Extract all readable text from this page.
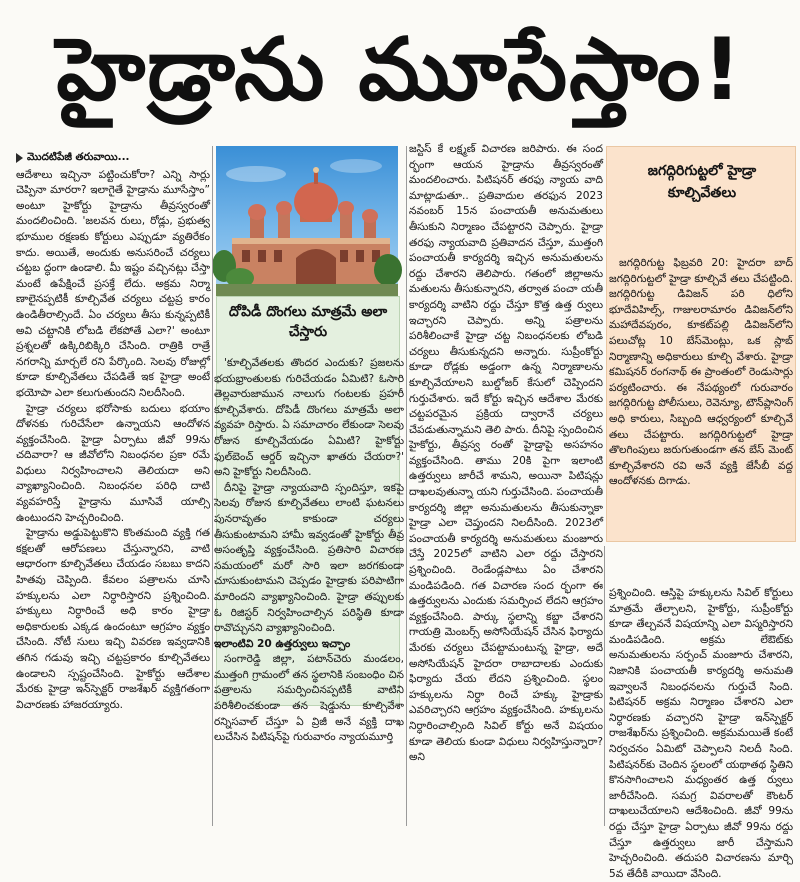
హైడ్రాను మూసేస్తాం!
మొదటిపేజీ తరువాయి...

ఆదేశాలు ఇచ్చినా పట్టించుకోరా? ఎన్ని సార్లు చెప్పినా మారరా? ఇలాగైతే హైడ్రాను మూసేస్తాం” అంటూ హైకోర్టు హైడ్రాను తీవ్రస్వరంతో మందలించింది. 'జలవన రులు, రోడ్లు, ప్రభుత్వ భూముల రక్షణకు కోర్టులు ఎప్పుడూ వ్యతిరేకం కాదు. అయితే, అందుకు అనుసరించే చర్యలు చట్టబ ద్ధంగా ఉండాలి. మీ ఇష్టం వచ్చినట్లు చేస్తా మంటే ఉపేక్షించే ప్రసక్తే లేదు. అక్రమ నిర్మా ణాలైనప్పటికీ కూల్చివేత చర్యలు చట్టప్ర కారం ఉండితీరాల్సిందే. ఏం చర్యలు తీసు కున్నప్పటికీ అవి చట్టానికి లోబడి లేకపోతే ఎలా?' అంటూ ప్రశ్నలతో ఉక్కిరిబిక్కిరి చేసింది. రాత్రికి రాత్రే నగరాన్ని మార్చలే రని పేర్కొంది. సెలవు రోజుల్లో కూడా కూల్చివేతలు చేపడితే ఇక హైడ్రా అంటే భయోపా ఎలా కలుగుతుందని నిలదీసింది.

హైడ్రా చర్యలు భరోసాకు బదులు భయాం దోళనకు గురిచేసేలా ఉన్నాయని ఆందోళన వ్యక్తంచేసింది. హైడ్రా ఏర్పాటు జీవో 99ను చదివారా? ఆ జీవోలోని నిబంధనల ప్రకా రమే విధులు నిర్వహించాలని తెలియదా అని వ్యాఖ్యానించింది. నిబంధనల పరిధి దాటి వ్యవహరిస్తే హైడ్రాను మూసివే యాల్సి ఉంటుందని హెచ్చరించింది.

హైడ్రాను అడ్డుపెట్టుకొని కొంతమంది వ్యక్తి గత కక్షలతో ఆరోపణలు చేస్తున్నారని, వాటి ఆధారంగా కూల్చివేతలు చేయడం సబబు కాదని హితవు చెప్పింది. కేవలం పత్రాలను చూసి హక్కులను ఎలా నిర్ధారిస్తారని ప్రశ్నించింది. హక్కులు నిర్ధారించే అధి కారం హైడ్రా అధికారులకు ఎక్కడ ఉందంటూ ఆగ్రహం వ్యక్తం చేసింది. నోటీ సులు ఇచ్చి వివరణ ఇవ్వడానికి తగిన గడువు ఇచ్చి చట్టప్రకారం కూల్చివేతలు ఉండాలని స్పష్టంచేసింది. హైకోర్టు ఆదేశాల మేరకు హైడ్రా ఇన్‌స్పెక్టర్ రాజశేఖర్ వ్యక్తిగతంగా విచారణకు హాజరయ్యారు.

దోపిడీ దొంగలు మాత్రమే అలా చేస్తారు

'కూల్చివేతలకు తొందర ఎందుకు? ప్రజలను భయభ్రాంతులకు గురిచేయడం ఏమిటి? ఓసారి తెల్లవారుజామున నాలుగు గంటలకు ప్రహరీ కూల్చివేశారు. దోపిడీ దొంగలు మాత్రమే అలా వ్యవహ రిస్తారు. ఏ సమాచారం లేకుండా సెలవు రోజున కూల్చివేయడం ఏమిటి? హైకోర్టు ఫుల్‌బెంచ్ ఆర్డర్ ఇచ్చినా ఖాతరు చేయరా?' అని హైకోర్టు నిలదీసింది.

దీనిపై హైడ్రా న్యాయవాది స్పందిస్తూ, ఇకపై సెలవు రోజున కూల్చివేతలు లాంటి ఘటనలు పునరావృతం కాకుండా చర్యలు తీసుకుంటామని హామీ ఇవ్వడంతో హైకోర్టు తీవ్ర అసంతృప్తి వ్యక్తంచేసింది. ప్రతిసారి విచారణ సమయంలో మరో సారి ఇలా జరగకుండా చూసుకుంటామని చెప్పడం హైడ్రాకు పరిపాటిగా మారిందని వ్యాఖ్యానించింది. హైడ్రా తప్పులకు ఓ రిజిస్టర్ నిర్వహించాల్సిన పరిస్థితి కూడా రావొచ్చునని వ్యాఖ్యానించింది.

ఇలాంటివి 20 ఉత్తర్వులు ఇచ్చాం

సంగారెడ్డి జిల్లా, పటాన్‌చెరు మండలం, ముత్తంగి గ్రామంలో తన స్థలానికి సంబంధిం చిన పత్రాలను సమర్పించినప్పటికీ వాటిని పరిశీలించకుండా తన షెడ్డును కూల్చివేశా రన్నిసవాల్ చేస్తూ ఏ వ్రిజీ అనే వ్యక్తి దాఖ లుచేసిన పిటిషన్‌పై గురువారం న్యాయమూర్తి

జస్టిస్ కే లక్ష్మణ్ విచారణ జరిపారు. ఈ సంద ర్భంగా ఆయన హైడ్రాను తీవ్రస్వరంతో మందలించారు. పిటిషనర్ తరఫు న్యాయ వాది మాట్లాడుతూ.. ప్రతివాదుల తరఫున 2023 నవంబర్ 15న పంచాయతీ అనుమతులు తీసుకుని నిర్మాణం చేపట్టారని చెప్పారు. హైడ్రా తరఫు న్యాయవాది ప్రతివాదన చేస్తూ, ముత్తంగి పంచాయతీ కార్యదర్శి ఇచ్చిన అనుమతులను రద్దు చేశారని తెలిపారు. గతంలో జిల్లాఅను మతులను తీసుకున్నారని, తర్వాత పంచా యతీ కార్యదర్శి వాటిని రద్దు చేస్తూ కొత్త ఉత్త ర్వులు ఇచ్చారని చెప్పారు. అన్ని పత్రాలను పరిశీలించాకే హైడ్రా చట్ట నిబంధనలకు లోబడి చర్యలు తీసుకున్నదని అన్నారు. సుప్రీంకోర్టు కూడా రోడ్లకు అడ్డంగా ఉన్న నిర్మాణాలను కూల్చివేయాలని బుల్డోజర్ కేసులో చెప్పిందని గుర్తుచేశారు. ఇదే కోర్టు ఇచ్చిన ఆదేశాల మేరకు చట్టపరమైన ప్రక్రియ ద్వారానే చర్యలు చేపడుతున్నామని తెలి పారు. దీనిపై స్పందించిన హైకోర్టు, తీవ్రస్వ రంతో హైడ్రాపై అసహనం వ్యక్తంచేసింది. తాము 20కి పైగా ఇలాంటి ఉత్తర్వులు జారీచే శామని, అయినా పిటిషన్లు దాఖలవుతున్నా యని గుర్తుచేసింది. పంచాయతీ కార్యదర్శి జిల్లా అనుమతులను తీసుకున్నాకా హైడ్రా ఎలా చెప్తుందని నిలదీసింది. 2023లో పంచాయతీ కార్యదర్శి అనుమతులు మంజూరు చేస్తే 2025లో వాటిని ఎలా రద్దు చేస్తారని ప్రశ్నించింది. రెండేండ్లపాటు ఏం చేశారని మండిపడింది. గత విచారణ సంద ర్భంగా ఈ ఉత్తర్వులను ఎందుకు సమర్పించ లేదని ఆగ్రహం వ్యక్తంచేసింది. పార్కు స్థలాన్ని కబ్జా చేశారని గాయత్రి మెంబర్స్ అసోసియేషన్ చేసిన ఫిర్యాదు మేరకు చర్యలు చేపట్టామంటున్న హైడ్రా, అదే అసోసియేషన్ హైదరా రాబాదాలకు ఎందుకు ఫిర్యాదు చేయ లేదని ప్రశ్నించింది. స్థలం హక్కులను నిర్ధా రించే హక్కు హైడ్రాకు ఎవరిచ్చారని ఆగ్రహం వ్యక్తంచేసింది. హక్కులను నిర్ధారించాల్సింది సివిల్ కోర్టు అనే విషయం కూడా తెలియ కుండా విధులు నిర్వహిస్తున్నారా? అని

జగద్గిరిగుట్టలో హైడ్రా కూల్చివేతలు

జగద్గిరిగుట్ట ఫిబ్రవరి 20: హైదరా బాద్ జగద్గిరిగుట్టలో హైడ్రా కూల్చివే తలు చేపట్టింది. జగద్గిరిగుట్ట డివిజన్ పరి ధిలోని భూదేవిహిల్స్, గాజులరామారం డివిజన్‌లోని మహాదేవపురం, కూకట్‌పల్లి డివిజన్‌లోని పలుచోట్ల 10 బేస్‌మెంట్లు, ఒక స్లాబ్ నిర్మాణాన్ని అధికారులు కూల్చి వేశారు. హైడ్రా కమిషనర్ రంగనాథ్ ఈ ప్రాంతంలో రెండుసార్లు పర్యటించారు. ఈ నేపథ్యంలో గురువారం జగద్గిరిగుట్ట పోలీసులు, రెవెన్యూ, టౌన్‌ప్లానింగ్ అధి కారులు, సిబ్బంది ఆధ్వర్యంలో కూల్చివే తలు చేపట్టారు. జగద్గిరిగుట్టలో హైడ్రా తొలగింపులు జరుగుతుండగా తన బేస్ మెంట్ కూల్చివేశారని రవి అనే వ్యక్తి జేసీబీ వద్ద ఆందోళనకు దిగాడు.

ప్రశ్నించింది. ఆస్తిపై హక్కులను సివిల్ కోర్టులు మాత్రమే తేల్చాలని, హైకోర్టు, సుప్రీంకోర్టు కూడా తేల్చవనే విషయాన్ని ఎలా విస్మరిస్తారని మండిపడింది. అక్రమ లేఔట్‌కు అనుమతులను సర్పంచ్ మంజూరు చేశారని, నిజానికి పంచాయతీ కార్యదర్శి అనుమతి ఇవ్వాలనే నిబంధనలను గుర్తుచే సింది. పిటిషనర్ అక్రమ నిర్మాణం చేశారని ఎలా నిర్ధారణకు వచ్చారని హైడ్రా ఇన్‌స్పెక్టర్ రాజశేఖర్‌ను ప్రశ్నించింది. అక్రమమయితే కంటే నిర్వచనం ఏమిటో చెప్పాలని నిలదీ సింది. పిటిషనర్‌కు చెందిన స్థలంలో యథాతథ స్థితిని కొనసాగించాలని మధ్యంతర ఉత్త ర్వులు జారీచేసింది. సమగ్ర వివరాలతో కౌంటర్ దాఖలుచేయాలని ఆదేశించింది. జీవో 99ను రద్దు చేస్తూ హైడ్రా ఏర్పాటు జీవో 99ను రద్దు చేస్తూ ఉత్తర్వులు జారీ చేస్తామని హెచ్చరించింది. తదుపరి విచారణను మార్చి 5వ తేదీకి వాయిదా వేసింది.
